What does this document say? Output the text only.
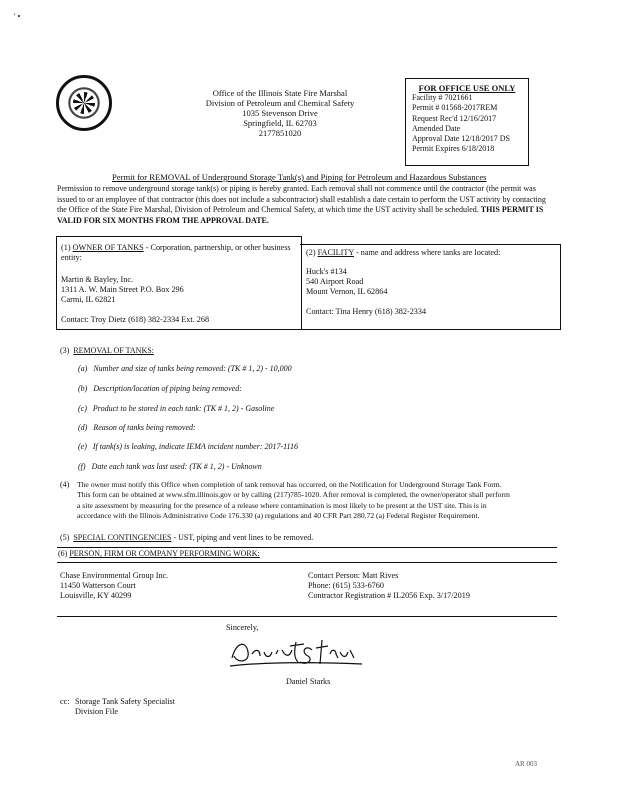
' •
Office of the Illinois State Fire Marshal
Division of Petroleum and Chemical Safety
1035 Stevenson Drive
Springfield, IL 62703
2177851020
FOR OFFICE USE ONLY
Facility # 7021661
Permit # 01568-2017REM
Request Rec'd 12/16/2017
Amended Date
Approval Date 12/18/2017 DS
Permit Expires 6/18/2018
Permit for REMOVAL of Underground Storage Tank(s) and Piping for Petroleum and Hazardous Substances
Permission to remove underground storage tank(s) or piping is hereby granted. Each removal shall not commence until the contractor (the permit was issued to or an employee of that contractor (this does not include a subcontractor) shall establish a date certain to perform the UST activity by contacting the Office of the State Fire Marshal, Division of Petroleum and Chemical Safety, at which time the UST activity shall be scheduled. THIS PERMIT IS VALID FOR SIX MONTHS FROM THE APPROVAL DATE.
(1) OWNER OF TANKS - Corporation, partnership, or other business entity:
Martin & Bayley, Inc.
1311 A. W. Main Street P.O. Box 296
Carmi, IL 62821
Contact: Troy Dietz (618) 382-2334 Ext. 268
(2) FACILITY - name and address where tanks are located:
Huck's #134
540 Airport Road
Mount Vernon, IL 62864
Contact: Tina Henry (618) 382-2334
(3) REMOVAL OF TANKS:
(a) Number and size of tanks being removed: (TK # 1, 2) - 10,000
(b) Description/location of piping being removed:
(c) Product to be stored in each tank: (TK # 1, 2) - Gasoline
(d) Reason of tanks being removed:
(e) If tank(s) is leaking, indicate IEMA incident number: 2017-1116
(f) Date each tank was last used: (TK # 1, 2) - Unknown
(4) The owner must notify this Office when completion of tank removal has occurred, on the Notification for Underground Storage Tank Form.
This form can be obtained at www.sfm.illinois.gov or by calling (217)785-1020. After removal is completed, the owner/operator shall perform
a site assessment by measuring for the presence of a release where contamination is most likely to be present at the UST site. This is in
accordance with the Illinois Administrative Code 176.330 (a) regulations and 40 CFR Part 280.72 (a) Federal Register Requirement.
(5) SPECIAL CONTINGENCIES - UST, piping and vent lines to be removed.
(6) PERSON, FIRM OR COMPANY PERFORMING WORK:
Chase Environmental Group Inc.
11450 Watterson Court
Louisville, KY 40299
Contact Person: Matt Rives
Phone: (615) 533-6760
Contractor Registration # IL2056 Exp. 3/17/2019
Sincerely,
Daniel Starks
cc: Storage Tank Safety Specialist
Division File
AR 003
